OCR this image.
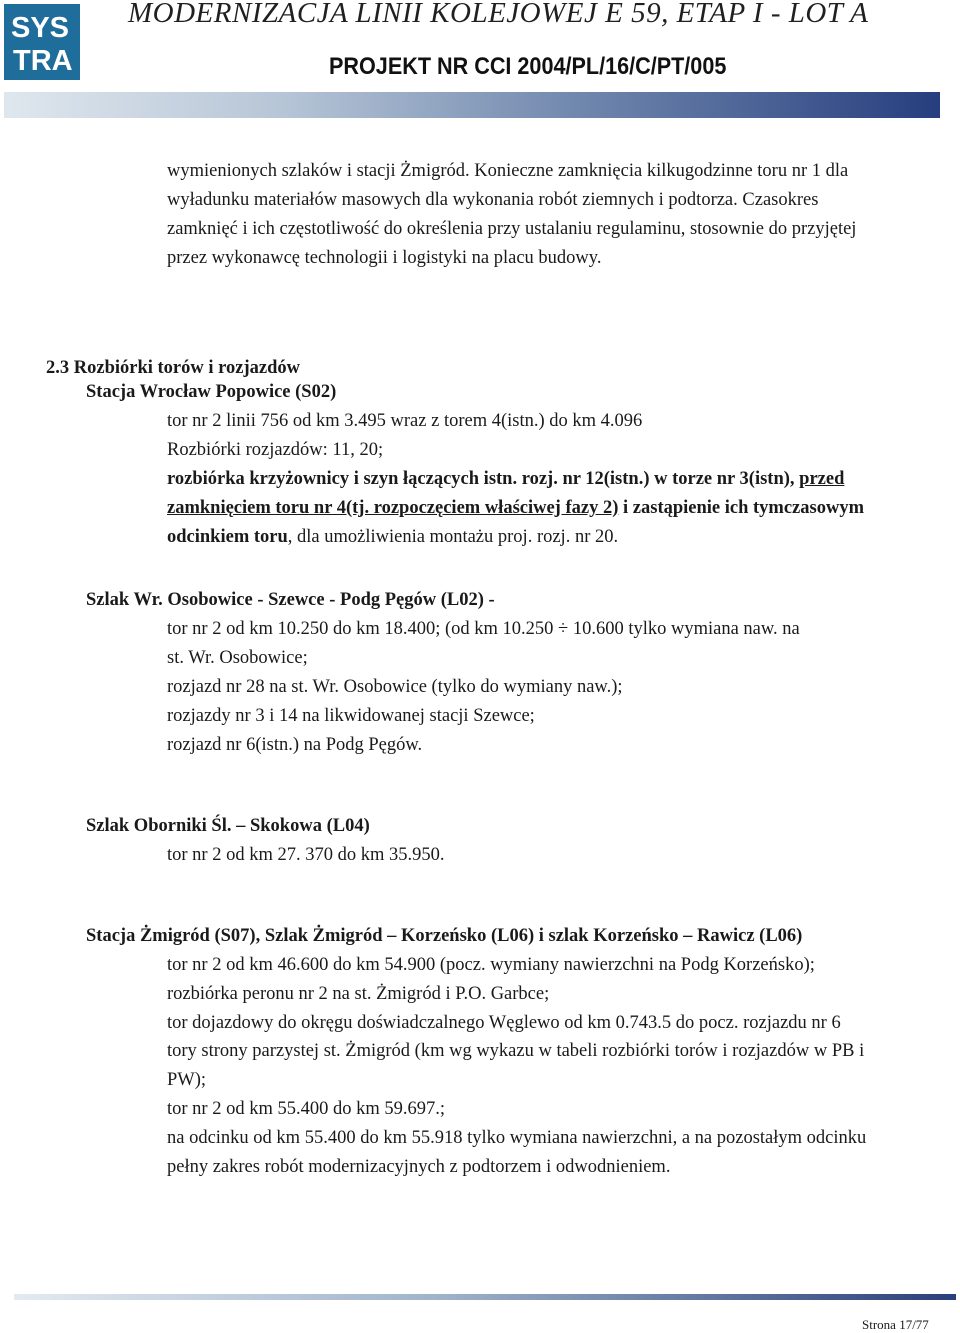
SYS
TRA
MODERNIZACJA LINII KOLEJOWEJ E 59, ETAP I - LOT A
PROJEKT NR CCI 2004/PL/16/C/PT/005
wymienionych szlaków i stacji Żmigród. Konieczne zamknięcia kilkugodzinne toru nr 1 dla
wyładunku materiałów masowych dla wykonania robót ziemnych i podtorza. Czasokres
zamknięć i ich częstotliwość do określenia przy ustalaniu regulaminu, stosownie do przyjętej
przez wykonawcę technologii i logistyki na placu budowy.
2.3 Rozbiórki torów i rozjazdów
Stacja Wrocław Popowice (S02)
tor nr 2 linii 756 od km 3.495 wraz z torem 4(istn.) do km 4.096
Rozbiórki rozjazdów: 11, 20;
rozbiórka krzyżownicy i szyn łączących istn. rozj. nr 12(istn.) w torze nr 3(istn), przed
zamknięciem toru nr 4(tj. rozpoczęciem właściwej fazy 2) i zastąpienie ich tymczasowym
odcinkiem toru, dla umożliwienia montażu proj. rozj. nr 20.
Szlak Wr. Osobowice - Szewce - Podg Pęgów (L02) -
tor nr 2 od km 10.250 do km 18.400; (od km 10.250 ÷ 10.600 tylko wymiana naw. na
st. Wr. Osobowice;
rozjazd nr 28 na st. Wr. Osobowice (tylko do wymiany naw.);
rozjazdy nr 3 i 14 na likwidowanej stacji Szewce;
rozjazd nr 6(istn.) na Podg Pęgów.
Szlak Oborniki Śl. – Skokowa (L04)
tor nr 2 od km 27. 370 do km 35.950.
Stacja Żmigród (S07), Szlak Żmigród – Korzeńsko (L06) i szlak Korzeńsko – Rawicz (L06)
tor nr 2 od km 46.600 do km 54.900 (pocz. wymiany nawierzchni na Podg Korzeńsko);
rozbiórka peronu nr 2 na st. Żmigród i P.O. Garbce;
tor dojazdowy do okręgu doświadczalnego Węglewo od km 0.743.5 do pocz. rozjazdu nr 6
tory strony parzystej st. Żmigród (km wg wykazu w tabeli rozbiórki torów i rozjazdów w PB i
PW);
tor nr 2 od km 55.400 do km 59.697.;
na odcinku od km 55.400 do km 55.918 tylko wymiana nawierzchni, a na pozostałym odcinku
pełny zakres robót modernizacyjnych z podtorzem i odwodnieniem.
Strona 17/77
